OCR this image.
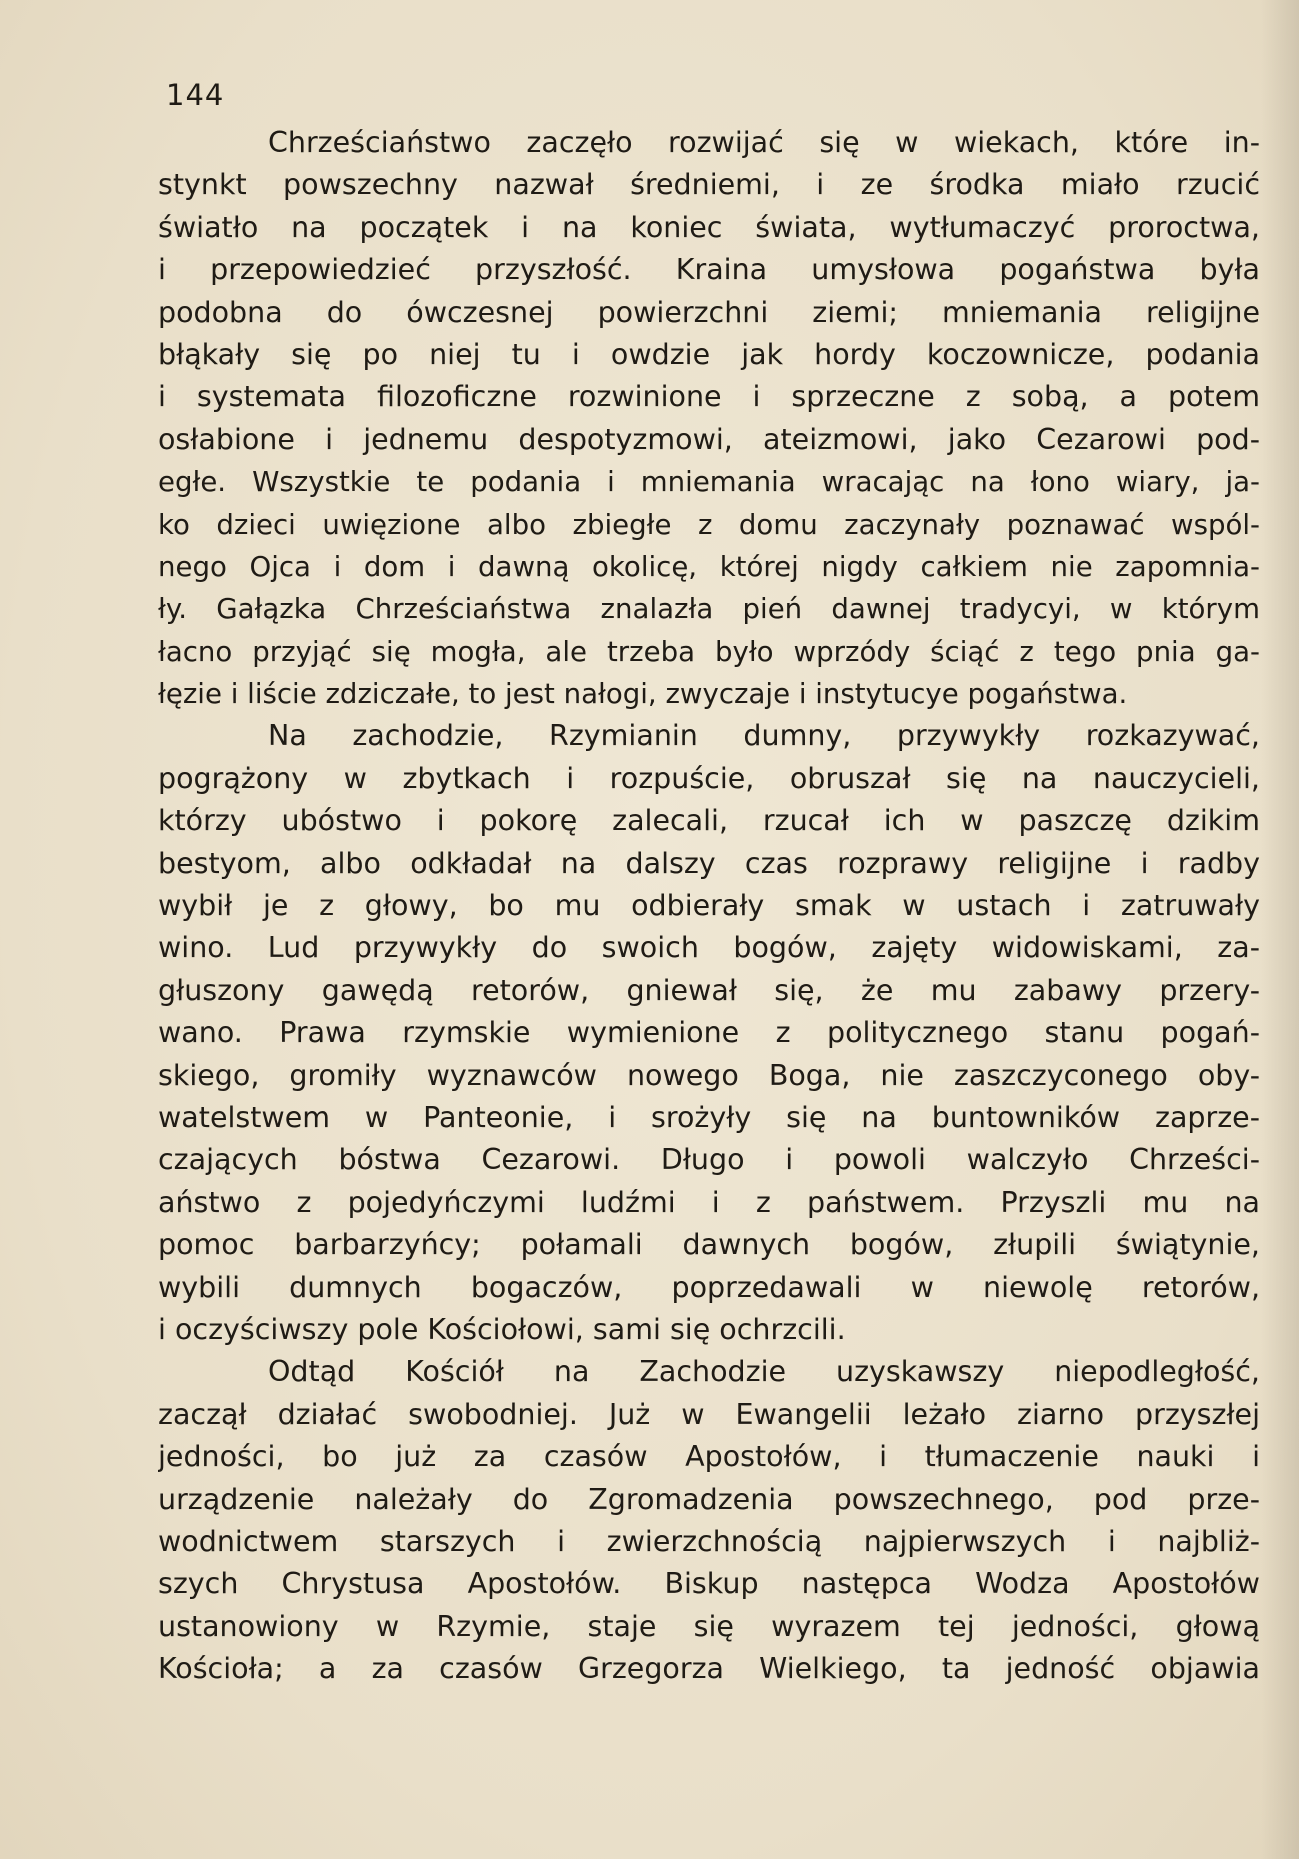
144
Chrześciaństwo zaczęło rozwijać się w wiekach, które in-
stynkt powszechny nazwał średniemi, i ze środka miało rzucić
światło na początek i na koniec świata, wytłumaczyć proroctwa,
i przepowiedzieć przyszłość. Kraina umysłowa pogaństwa była
podobna do ówczesnej powierzchni ziemi; mniemania religijne
błąkały się po niej tu i owdzie jak hordy koczownicze, podania
i systemata filozoficzne rozwinione i sprzeczne z sobą, a potem
osłabione i jednemu despotyzmowi, ateizmowi, jako Cezarowi pod-
egłe. Wszystkie te podania i mniemania wracając na łono wiary, ja-
ko dzieci uwięzione albo zbiegłe z domu zaczynały poznawać wspól-
nego Ojca i dom i dawną okolicę, której nigdy całkiem nie zapomnia-
ły. Gałązka Chrześciaństwa znalazła pień dawnej tradycyi, w którym
łacno przyjąć się mogła, ale trzeba było wprzódy ściąć z tego pnia ga-
łęzie i liście zdziczałe, to jest nałogi, zwyczaje i instytucye pogaństwa.
Na zachodzie, Rzymianin dumny, przywykły rozkazywać,
pogrążony w zbytkach i rozpuście, obruszał się na nauczycieli,
którzy ubóstwo i pokorę zalecali, rzucał ich w paszczę dzikim
bestyom, albo odkładał na dalszy czas rozprawy religijne i radby
wybił je z głowy, bo mu odbierały smak w ustach i zatruwały
wino. Lud przywykły do swoich bogów, zajęty widowiskami, za-
głuszony gawędą retorów, gniewał się, że mu zabawy przery-
wano. Prawa rzymskie wymienione z politycznego stanu pogań-
skiego, gromiły wyznawców nowego Boga, nie zaszczyconego oby-
watelstwem w Panteonie, i srożyły się na buntowników zaprze-
czających bóstwa Cezarowi. Długo i powoli walczyło Chrześci-
aństwo z pojedyńczymi ludźmi i z państwem. Przyszli mu na
pomoc barbarzyńcy; połamali dawnych bogów, złupili świątynie,
wybili dumnych bogaczów, poprzedawali w niewolę retorów,
i oczyściwszy pole Kościołowi, sami się ochrzcili.
Odtąd Kościół na Zachodzie uzyskawszy niepodległość,
zaczął działać swobodniej. Już w Ewangelii leżało ziarno przyszłej
jedności, bo już za czasów Apostołów, i tłumaczenie nauki i
urządzenie należały do Zgromadzenia powszechnego, pod prze-
wodnictwem starszych i zwierzchnością najpierwszych i najbliż-
szych Chrystusa Apostołów. Biskup następca Wodza Apostołów
ustanowiony w Rzymie, staje się wyrazem tej jedności, głową
Kościoła; a za czasów Grzegorza Wielkiego, ta jedność objawia
